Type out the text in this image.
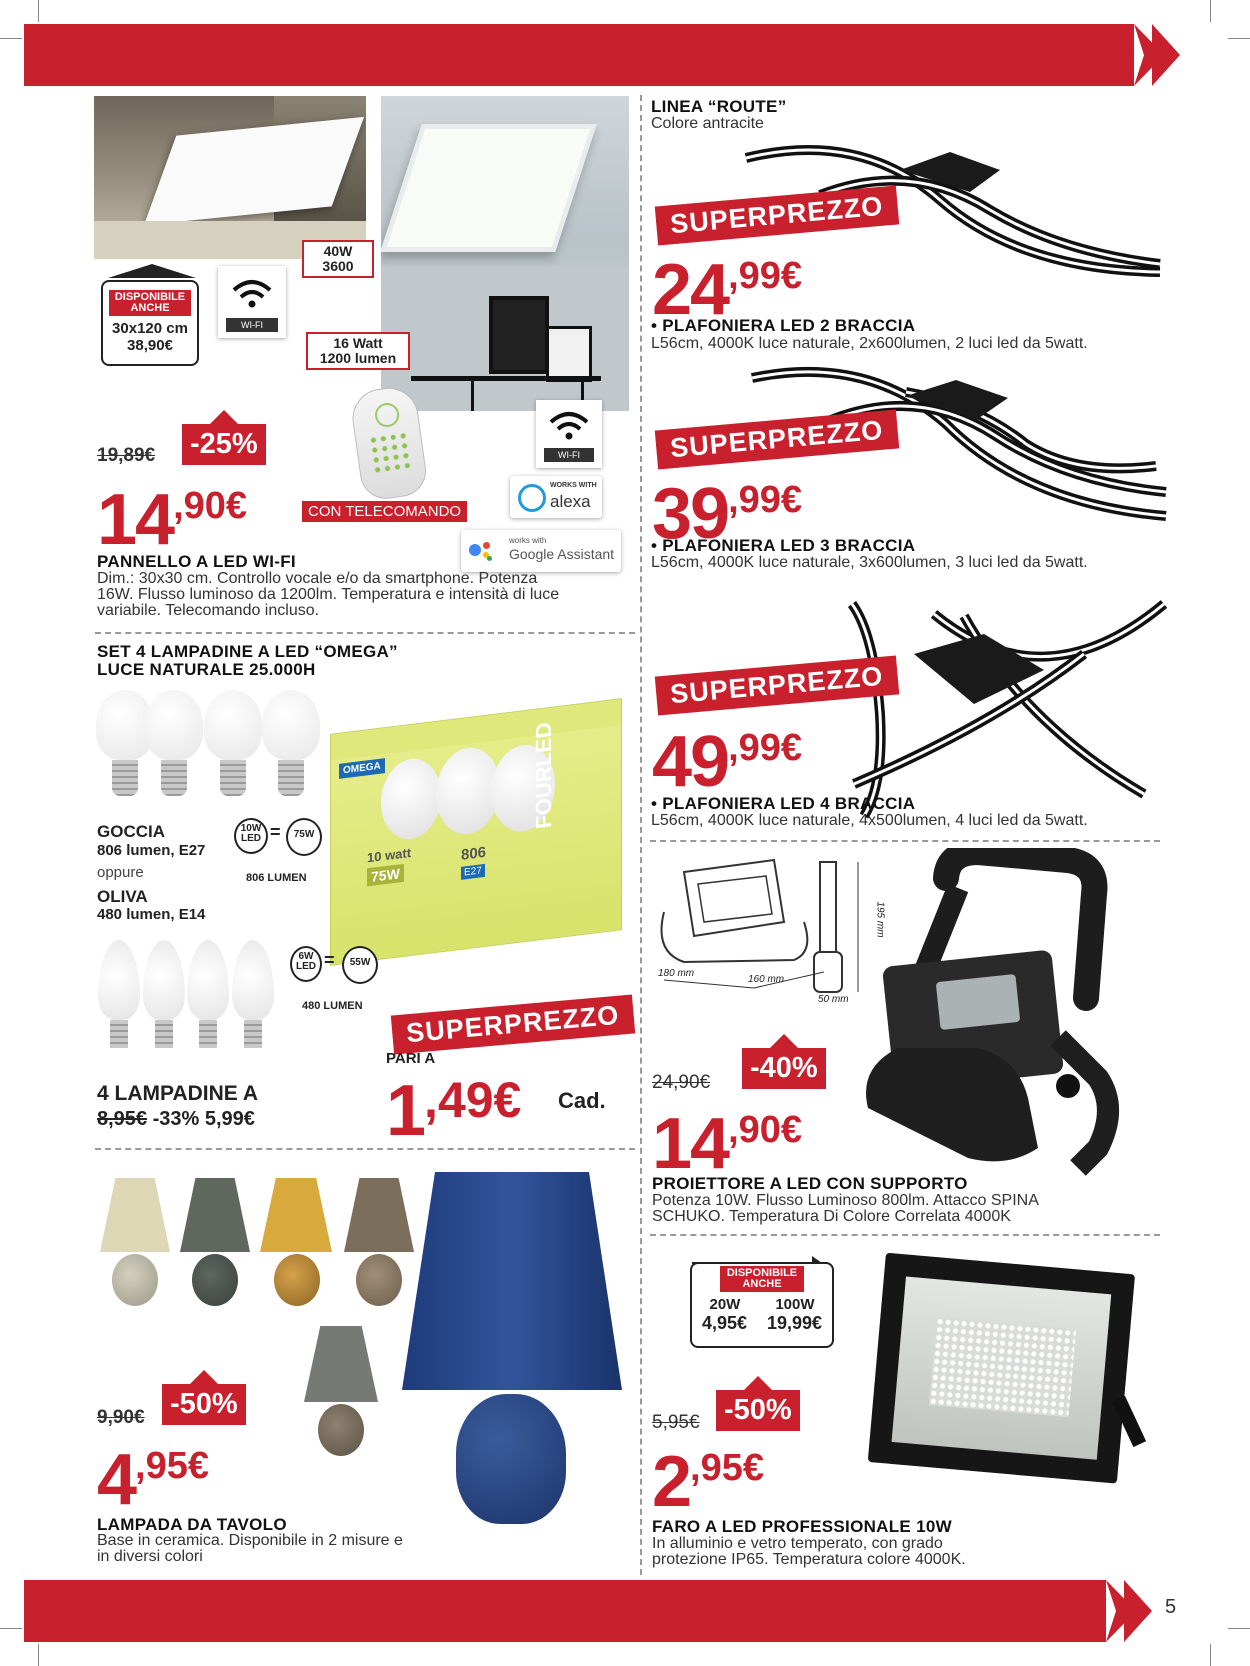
5
DISPONIBILE ANCHE
30x120 cm
38,90€
WI-FI
40W
3600
16 Watt
1200 lumen
WI-FI
WORKS WITH
alexa
works with
Google Assistant
19,89€ -25%
$14^{,90€}$	CON TELECOMANDO
PANNELLO A LED WI-FI
Dim.: 30x30 cm. Controllo vocale e/o da smartphone. Potenza 16W. Flusso luminoso da 1200lm. Temperatura e intensità di luce variabile. Telecomando incluso.
SET 4 LAMPADINE A LED “OMEGA”
LUCE NATURALE 25.000H
OMEGA
10 watt
75W
806
E27
FOURLED
GOCCIA
806 lumen, E27
oppure
OLIVA
480 lumen, E14
10W LED =	75W
806 LUMEN
6W LED =	55W
480 LUMEN	SUPERPREZZO
PARI A
$1^{,49€}$ Cad.
4 LAMPADINE A
8,95€ -33% 5,99€
9,90€ -50%
$4^{,95€}$
LAMPADA DA TAVOLO
Base in ceramica. Disponibile in 2 misure e in diversi colori
LINEA “ROUTE”
Colore antracite
SUPERPREZZO
$24^{,99€}$
• PLAFONIERA LED 2 BRACCIA
L56cm, 4000K luce naturale, 2x600lumen, 2 luci led da 5watt.
SUPERPREZZO
$39^{,99€}$
• PLAFONIERA LED 3 BRACCIA
L56cm, 4000K luce naturale, 3x600lumen, 3 luci led da 5watt.
SUPERPREZZO
$49^{,99€}$
• PLAFONIERA LED 4 BRACCIA
L56cm, 4000K luce naturale, 4x500lumen, 4 luci led da 5watt.
180 mm
160 mm
195 mm
50 mm
24,90€ -40%
$14^{,90€}$
PROIETTORE A LED CON SUPPORTO
Potenza 10W. Flusso Luminoso 800lm. Attacco SPINA SCHUKO. Temperatura Di Colore Correlata 4000K
DISPONIBILE ANCHE
20W 100W
4,95€ 19,99€
5,95€ -50%
$2^{,95€}$
FARO A LED PROFESSIONALE 10W
In alluminio e vetro temperato, con grado protezione IP65. Temperatura colore 4000K.
